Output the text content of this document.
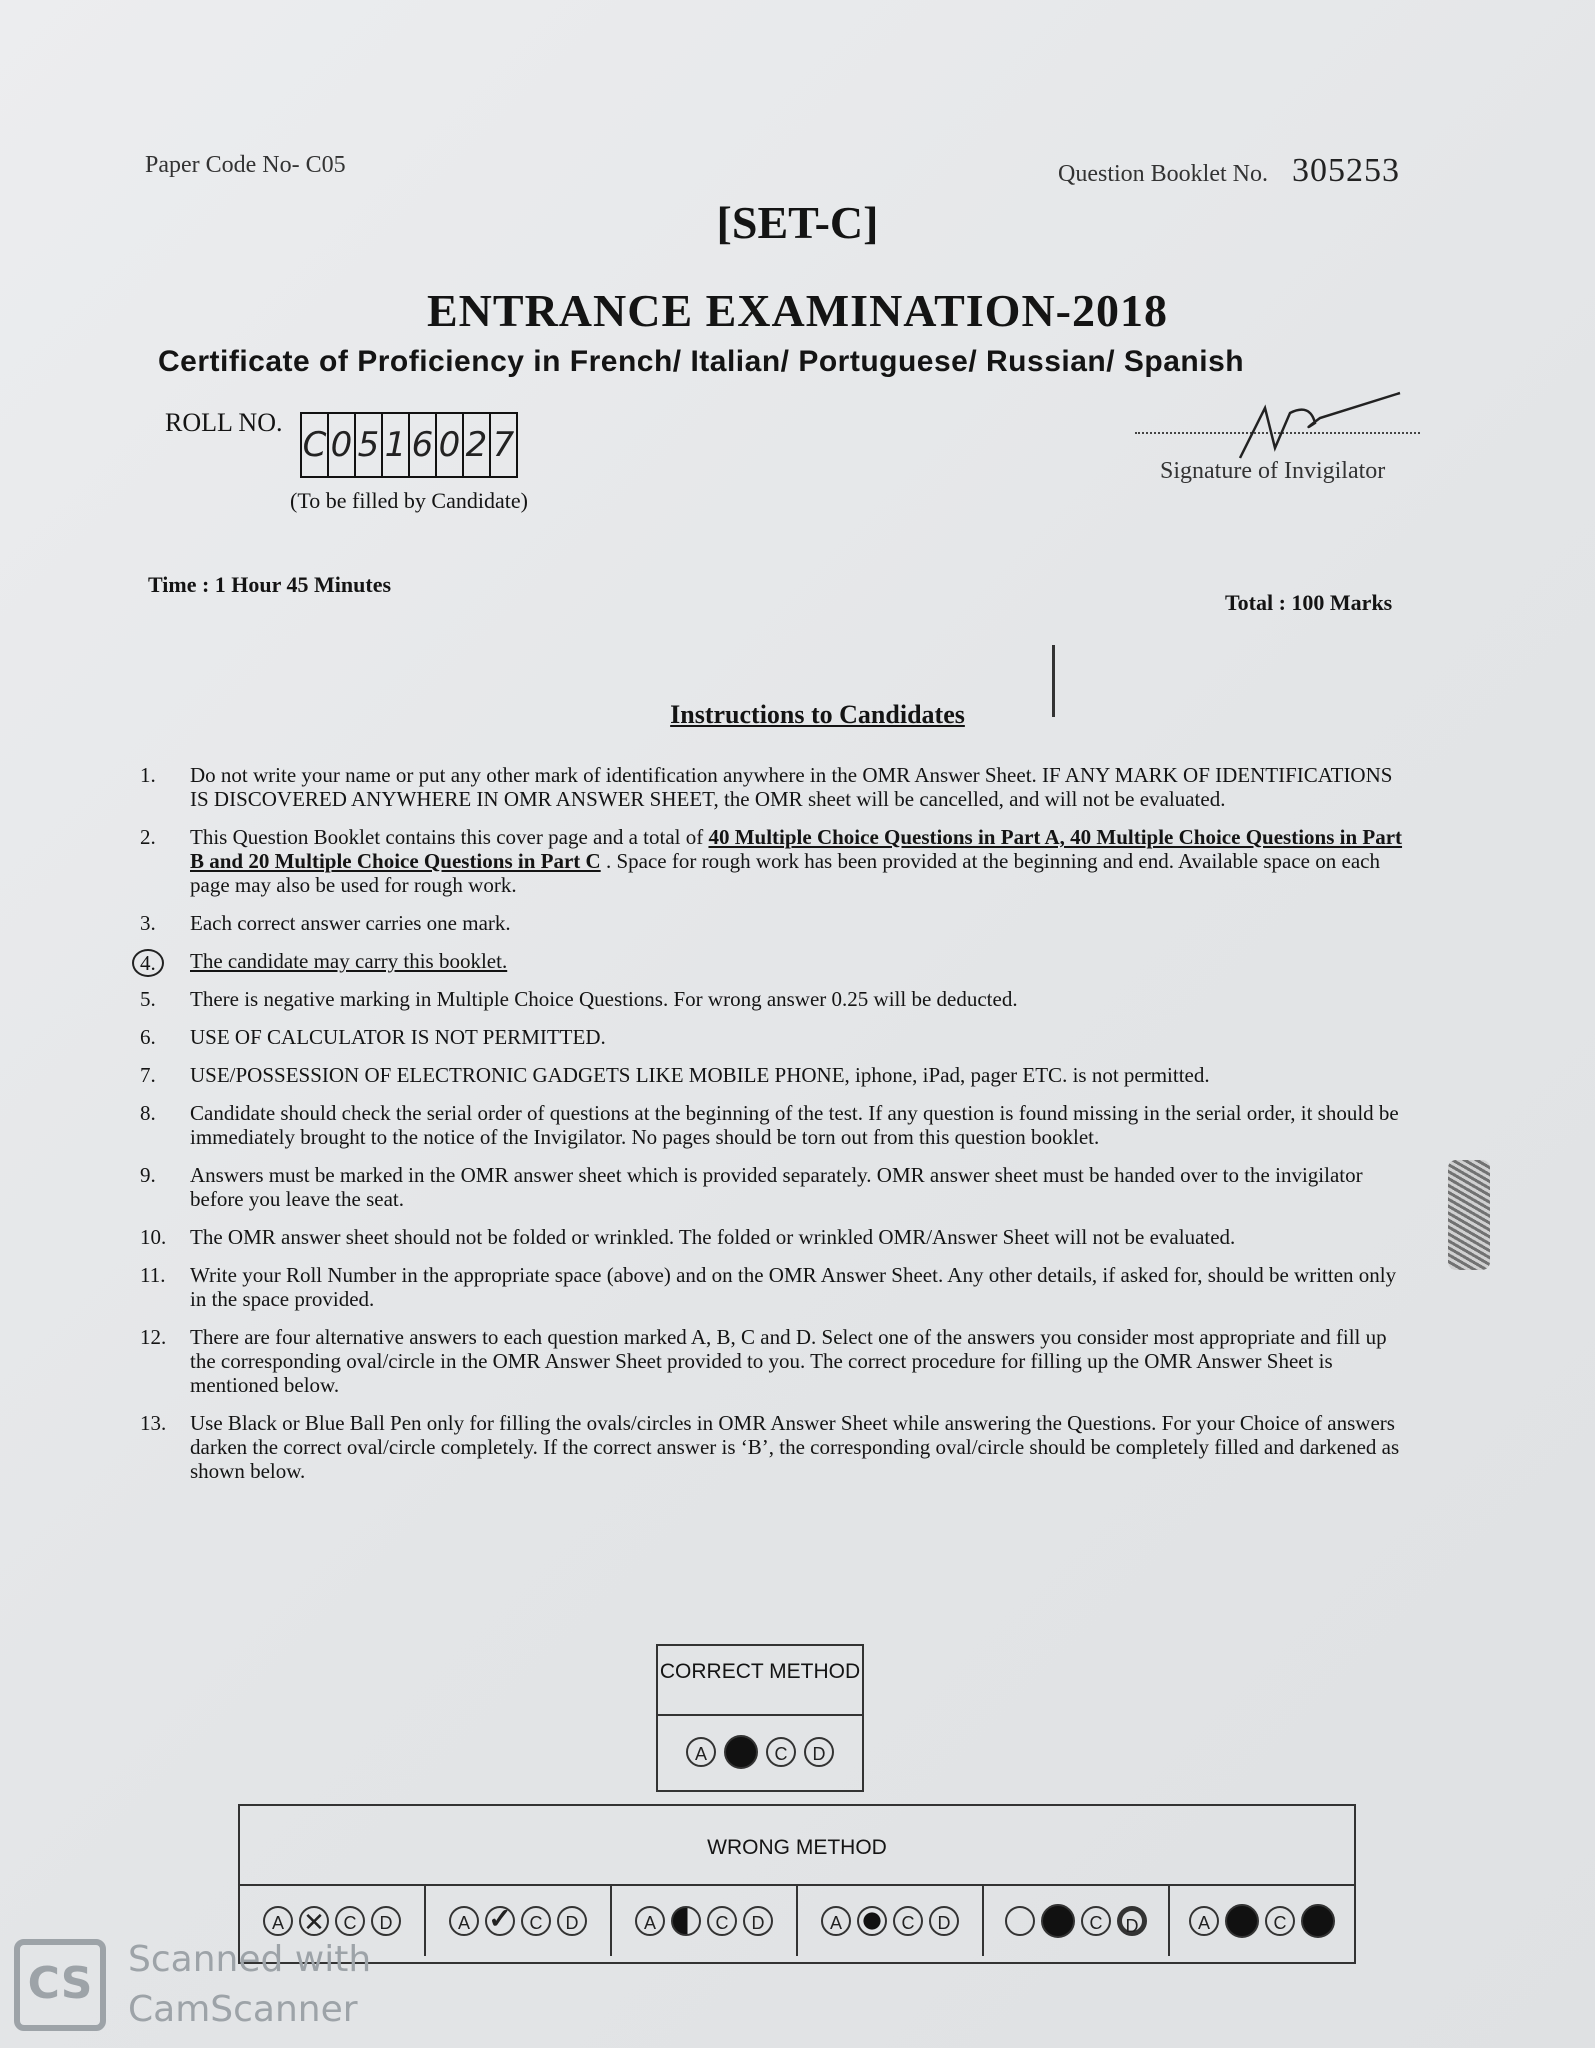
Paper Code No- C05	Question Booklet No. 305253
[SET-C]
ENTRANCE EXAMINATION-2018
Certificate of Proficiency in French/ Italian/ Portuguese/ Russian/ Spanish
ROLL NO.
C 0 5 1 6 0 2 7
(To be filled by Candidate)
Signature of Invigilator
Time : 1 Hour 45 Minutes
Total : 100 Marks
Instructions to Candidates
1.	Do not write your name or put any other mark of identification anywhere in the OMR Answer Sheet. IF ANY MARK OF IDENTIFICATIONS IS DISCOVERED ANYWHERE IN OMR ANSWER SHEET, the OMR sheet will be cancelled, and will not be evaluated.
2.	This Question Booklet contains this cover page and a total of 40 Multiple Choice Questions in Part A, 40 Multiple Choice Questions in Part B and 20 Multiple Choice Questions in Part C . Space for rough work has been provided at the beginning and end. Available space on each page may also be used for rough work.
3.	Each correct answer carries one mark.
4.	The candidate may carry this booklet.
5.	There is negative marking in Multiple Choice Questions. For wrong answer 0.25 will be deducted.
6.	USE OF CALCULATOR IS NOT PERMITTED.
7.	USE/POSSESSION OF ELECTRONIC GADGETS LIKE MOBILE PHONE, iphone, iPad, pager ETC. is not permitted.
8.	Candidate should check the serial order of questions at the beginning of the test. If any question is found missing in the serial order, it should be immediately brought to the notice of the Invigilator. No pages should be torn out from this question booklet.
9.	Answers must be marked in the OMR answer sheet which is provided separately. OMR answer sheet must be handed over to the invigilator before you leave the seat.
10.	The OMR answer sheet should not be folded or wrinkled. The folded or wrinkled OMR/Answer Sheet will not be evaluated.
11.	Write your Roll Number in the appropriate space (above) and on the OMR Answer Sheet. Any other details, if asked for, should be written only in the space provided.
12.	There are four alternative answers to each question marked A, B, C and D. Select one of the answers you consider most appropriate and fill up the corresponding oval/circle in the OMR Answer Sheet provided to you. The correct procedure for filling up the OMR Answer Sheet is mentioned below.
13.	Use Black or Blue Ball Pen only for filling the ovals/circles in OMR Answer Sheet while answering the Questions. For your Choice of answers darken the correct oval/circle completely. If the correct answer is ‘B’, the corresponding oval/circle should be completely filled and darkened as shown below.
CORRECT METHOD
A	C	D
WRONG METHOD
A ✕	C	D	A ✓	C	D	A	C	D	A	C	D	C	D	A	C
CS Scanned with
CamScanner
